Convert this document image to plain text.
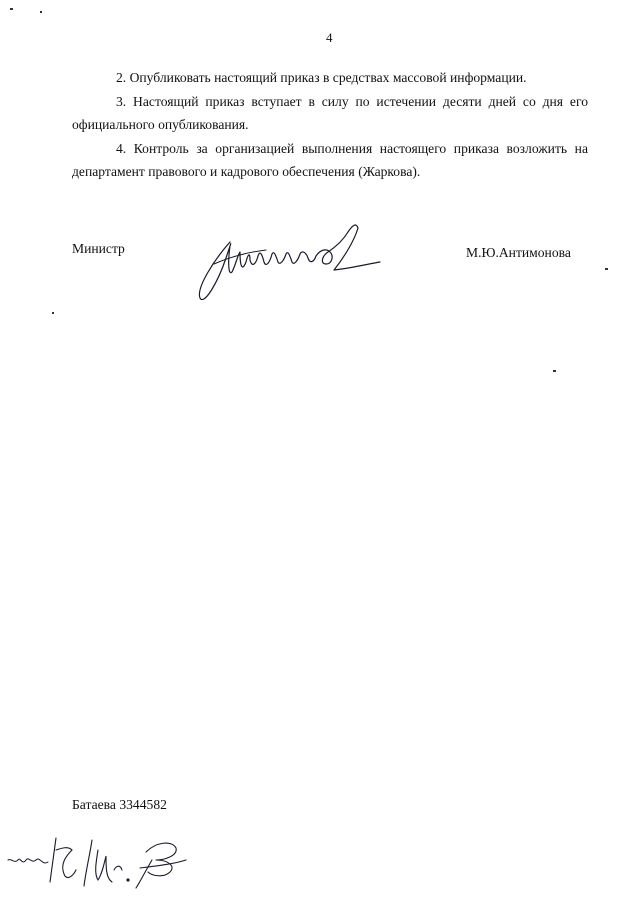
4

2. Опубликовать настоящий приказ в средствах массовой информации.

3. Настоящий приказ вступает в силу по истечении десяти дней со дня его официального опубликования.

4. Контроль за организацией выполнения настоящего приказа возложить на департамент правового и кадрового обеспечения (Жаркова).

Министр	М.Ю.Антимонова
Батаева 3344582
